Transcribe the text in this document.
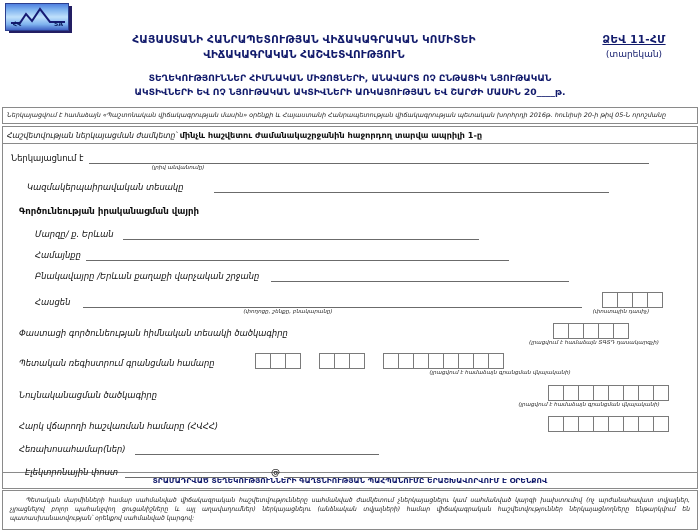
ՀՎ	SA
ՀԱՅԱՍՏԱՆԻ ՀԱՆՐԱՊԵՏՈՒԹՅԱՆ ՎԻՃԱԿԱԳՐԱԿԱՆ ԿՈՄԻՏԵԻ
ՎԻՃԱԿԱԳՐԱԿԱՆ ՀԱՇՎԵՏՎՈՒԹՅՈՒՆ
ՁԵՎ 11-ՀՄ
(տարեկան)
ՏԵՂԵԿՈՒԹՅՈՒՆՆԵՐ ՀԻՄՆԱԿԱՆ ՄԻՋՈՑՆԵՐԻ, ԱՆԱՎԱՐՏ ՈՉ ԸՆԹԱՑԻԿ ՆՅՈՒԹԱԿԱՆ
ԱԿՏԻՎՆԵՐԻ ԵՎ ՈՉ ՆՅՈՒԹԱԿԱՆ ԱԿՏԻՎՆԵՐԻ ԱՌԿԱՅՈՒԹՅԱՆ ԵՎ ՇԱՐԺԻ ՄԱՍԻՆ 20____թ.
Ներկայացվում է համաձայն «Պաշտոնական վիճակագրության մասին» օրենքի և Հայաստանի Հանրապետության վիճակագրության պետական խորհրդի 2016թ. հունիսի 20-ի թիվ 05-Ն որոշմանը
Հաշվետվության ներկայացման ժամկետը՝ մինչև հաշվետու ժամանակաշրջանին հաջորդող տարվա ապրիլի 1-ը
Ներկայացնում է
(լրիվ անվանումը)
Կազմակերպաիրավական տեսակը
Գործունեության իրականացման վայրի
Մարզը/ ք. Երևան
Համայնքը
Բնակավայրը /Երևան քաղաքի վարչական շրջանը
Հասցեն
(փողոցը, շենքը, բնակարանը)	(փոստային դասիչ)
Փաստացի գործունեության հիմնական տեսակի ծածկագիրը
(լրացվում է համաձայն ՏԳՏԴ դասակարգչի)
Պետական ռեգիստրում գրանցման համարը
(լրացվում է համաձայն գրանցման վկայականի)
Նույնականացման ծածկագիրը
(լրացվում է համաձայն գրանցման վկայականի)
Հարկ վճարողի հաշվառման համարը (ՀՎՀՀ)
Հեռախոսահամար(ներ)
Էլեկտրոնային փոստ	@
ՏՐԱՄԱԴՐՎԱԾ ՏԵՂԵԿՈՒԹՅՈՒՆՆԵՐԻ ԳԱՂՏՆԻՈՒԹՅԱՆ ՊԱՀՊԱՆՈՒՄԸ ԵՐԱՇԽԱՎՈՐՎՈՒՄ Է ՕՐԵՆՔՈՎ
Պետական մարմինների համար սահմանված վիճակագրական հաշվետվությունները սահմանված ժամկետում չներկայացնելու կամ սահմանված կարգի խախտումով (ոչ արժանահավատ տվյալներ, չլրացնելով բոլոր պահանջվող ցուցանիշները և այլ աղավաղումներ) ներկայացնելու (անձնական տվյալների) համար վիճակագրական հաշվետվություններ ներկայացնողները ենթարկվում են պատասխանատվության՝ օրենքով սահմանված կարգով:
